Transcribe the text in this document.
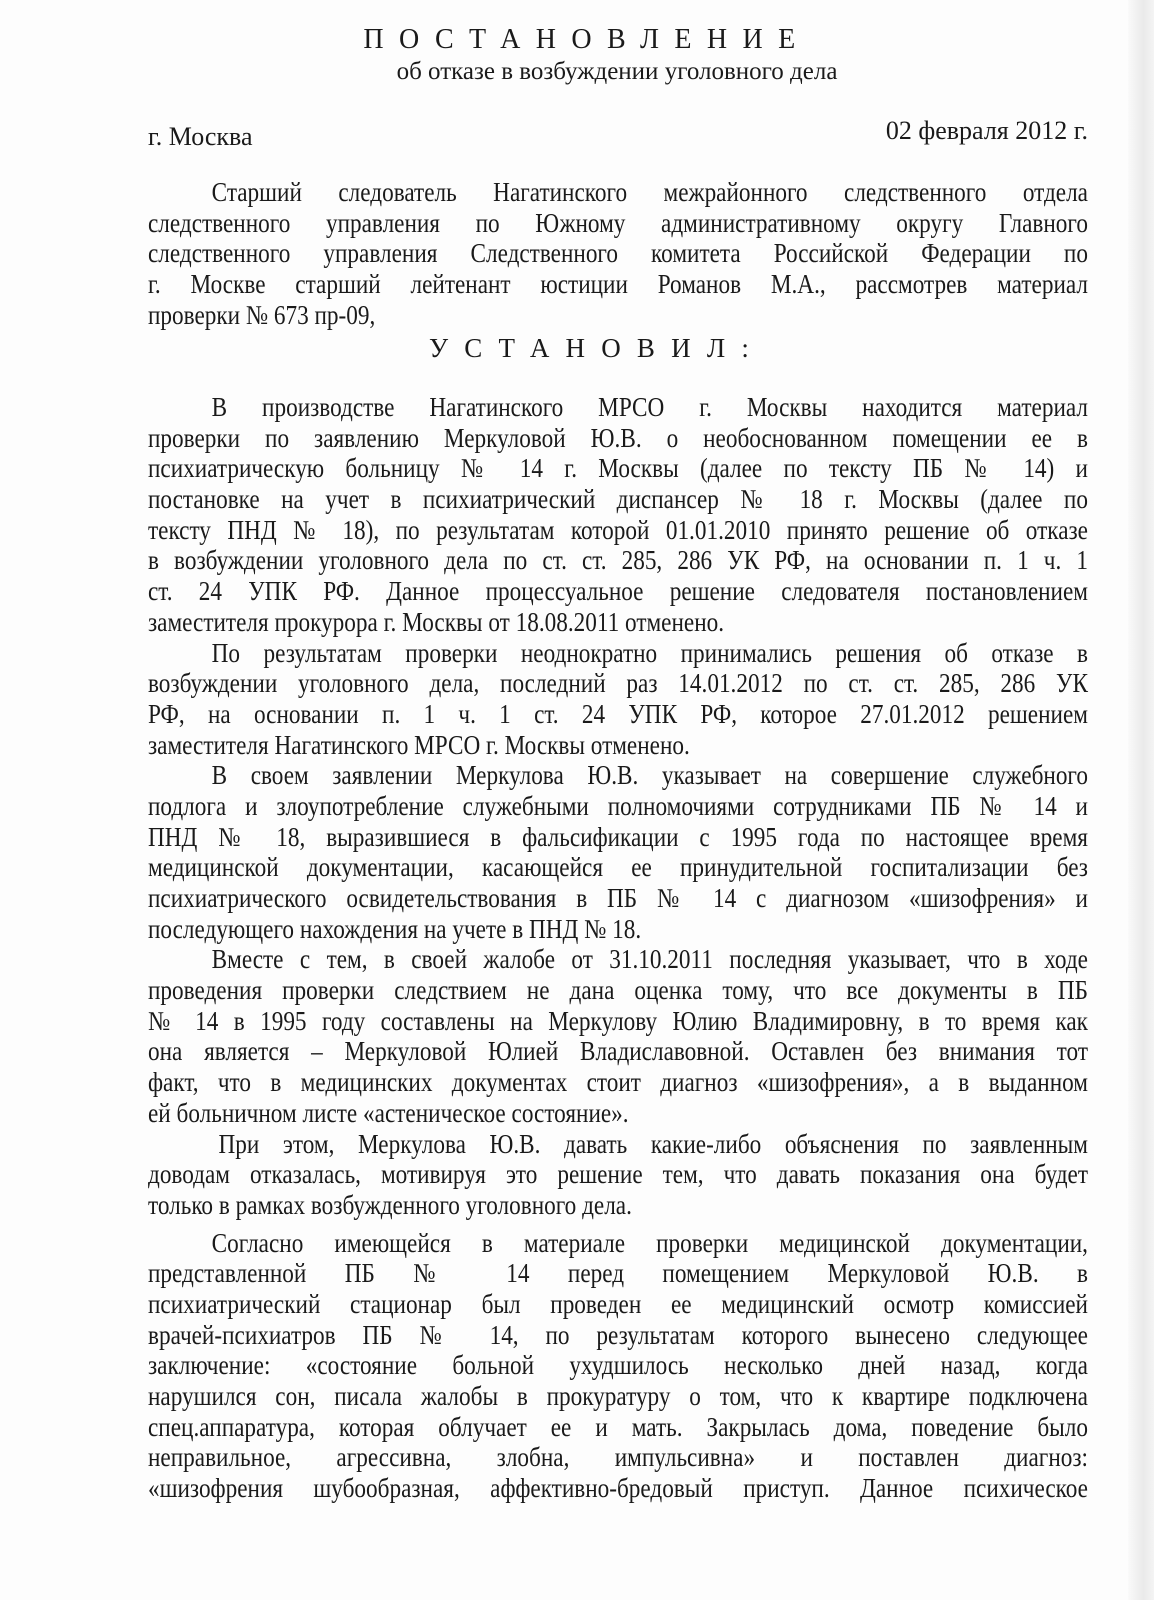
ПОСТАНОВЛЕНИЕ
об отказе в возбуждении уголовного дела
г. Москва	02 февраля 2012 г.
Старший следователь Нагатинского межрайонного следственного отдела
следственного управления по Южному административному округу Главного
следственного управления Следственного комитета Российской Федерации по
г. Москве старший лейтенант юстиции Романов М.А., рассмотрев материал
проверки № 673 пр-09,
УСТАНОВИЛ:
В производстве Нагатинского МРСО г. Москвы находится материал
проверки по заявлению Меркуловой Ю.В. о необоснованном помещении ее в
психиатрическую больницу № 14 г. Москвы (далее по тексту ПБ № 14) и
постановке на учет в психиатрический диспансер № 18 г. Москвы (далее по
тексту ПНД № 18), по результатам которой 01.01.2010 принято решение об отказе
в возбуждении уголовного дела по ст. ст. 285, 286 УК РФ, на основании п. 1 ч. 1
ст. 24 УПК РФ. Данное процессуальное решение следователя постановлением
заместителя прокурора г. Москвы от 18.08.2011 отменено.
По результатам проверки неоднократно принимались решения об отказе в
возбуждении уголовного дела, последний раз 14.01.2012 по ст. ст. 285, 286 УК
РФ, на основании п. 1 ч. 1 ст. 24 УПК РФ, которое 27.01.2012 решением
заместителя Нагатинского МРСО г. Москвы отменено.
В своем заявлении Меркулова Ю.В. указывает на совершение служебного
подлога и злоупотребление служебными полномочиями сотрудниками ПБ № 14 и
ПНД № 18, выразившиеся в фальсификации с 1995 года по настоящее время
медицинской документации, касающейся ее принудительной госпитализации без
психиатрического освидетельствования в ПБ № 14 с диагнозом «шизофрения» и
последующего нахождения на учете в ПНД № 18.
Вместе с тем, в своей жалобе от 31.10.2011 последняя указывает, что в ходе
проведения проверки следствием не дана оценка тому, что все документы в ПБ
№ 14 в 1995 году составлены на Меркулову Юлию Владимировну, в то время как
она является – Меркуловой Юлией Владиславовной. Оставлен без внимания тот
факт, что в медицинских документах стоит диагноз «шизофрения», а в выданном
ей больничном листе «астеническое состояние».
При этом, Меркулова Ю.В. давать какие-либо объяснения по заявленным
доводам отказалась, мотивируя это решение тем, что давать показания она будет
только в рамках возбужденного уголовного дела.
Согласно имеющейся в материале проверки медицинской документации,
представленной ПБ № 14 перед помещением Меркуловой Ю.В. в
психиатрический стационар был проведен ее медицинский осмотр комиссией
врачей-психиатров ПБ № 14, по результатам которого вынесено следующее
заключение: «состояние больной ухудшилось несколько дней назад, когда
нарушился сон, писала жалобы в прокуратуру о том, что к квартире подключена
спец.аппаратура, которая облучает ее и мать. Закрылась дома, поведение было
неправильное, агрессивна, злобна, импульсивна» и поставлен диагноз:
«шизофрения шубообразная, аффективно-бредовый приступ. Данное психическое
